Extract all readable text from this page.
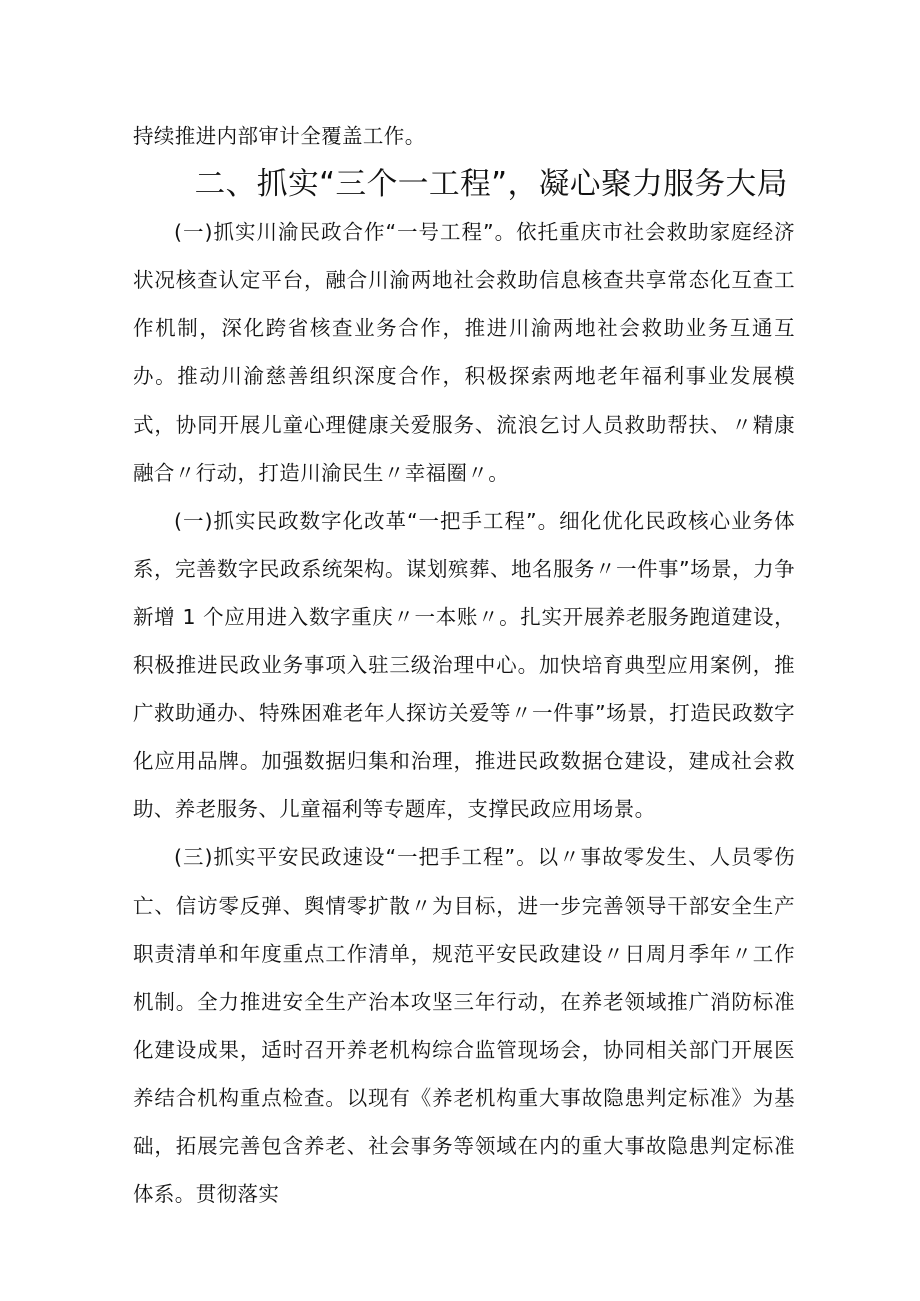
持续推进内部审计全覆盖工作。

二、抓实“三个一工程”，凝心聚力服务大局

(一)抓实川渝民政合作“一号工程”。依托重庆市社会救助家庭经济状况核查认定平台，融合川渝两地社会救助信息核查共享常态化互查工作机制，深化跨省核查业务合作，推进川渝两地社会救助业务互通互办。推动川渝慈善组织深度合作，积极探索两地老年福利事业发展模式，协同开展儿童心理健康关爱服务、流浪乞讨人员救助帮扶、〃精康融合〃行动，打造川渝民生〃幸福圈〃。

(一)抓实民政数字化改革“一把手工程”。细化优化民政核心业务体系，完善数字民政系统架构。谋划殡葬、地名服务〃一件事”场景，力争新增 1 个应用进入数字重庆〃一本账〃。扎实开展养老服务跑道建设，积极推进民政业务事项入驻三级治理中心。加快培育典型应用案例，推广救助通办、特殊困难老年人探访关爱等〃一件事”场景，打造民政数字化应用品牌。加强数据归集和治理，推进民政数据仓建设，建成社会救助、养老服务、儿童福利等专题库，支撑民政应用场景。

(三)抓实平安民政速设“一把手工程”。以〃事故零发生、人员零伤亡、信访零反弹、舆情零扩散〃为目标，进一步完善领导干部安全生产职责清单和年度重点工作清单，规范平安民政建设〃日周月季年〃工作机制。全力推进安全生产治本攻坚三年行动，在养老领域推广消防标准化建设成果，适时召开养老机构综合监管现场会，协同相关部门开展医养结合机构重点检查。以现有《养老机构重大事故隐患判定标准》为基础，拓展完善包含养老、社会事务等领域在内的重大事故隐患判定标准体系。贯彻落实
